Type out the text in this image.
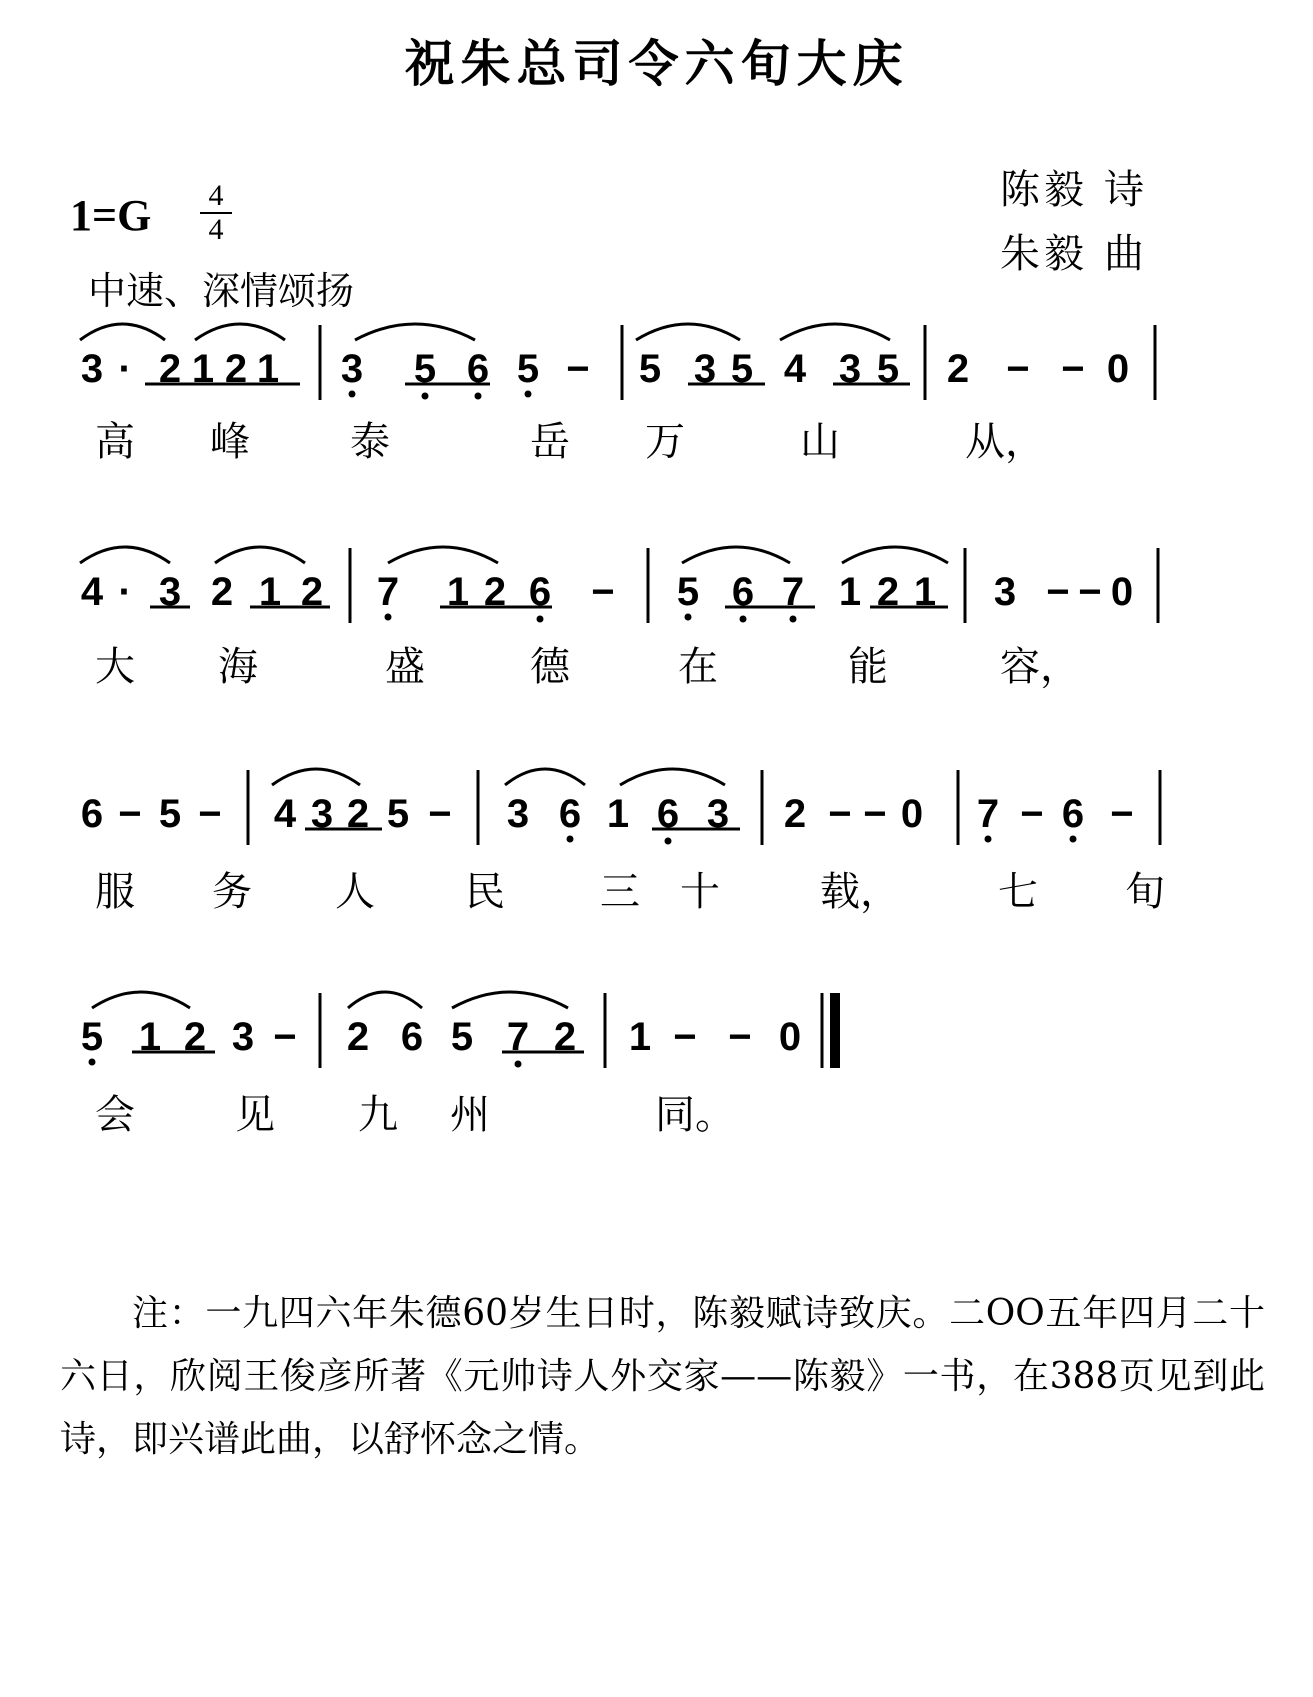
祝朱总司令六旬大庆
1=G 4
4
中速、深情颂扬
陈毅 诗
朱毅 曲
3 · 2 1 2 1 3 5 6 5 − 5 3 5 4 3 5 2 − − 0
高 峰	泰	岳 万	山	从，
4 · 3 2 1 2 7 1 2 6 − 5 6 7 1 2 1 3 − − 0
大 海	盛	德	在	能	容，
6 − 5 − 4 3 2 5 − 3 6 1 6 3 2 − − 0 7 − 6 −
服 务 人 民 三 十	载， 七 旬
5 1 2 3 − 2 6 5 7 2 1 − − 0
会	见 九 州	同。
注：一九四六年朱德60岁生日时，陈毅赋诗致庆。二OO五年四月二十六日，欣阅王俊彦所著《元帅诗人外交家——陈毅》一书，在388页见到此诗，即兴谱此曲，以舒怀念之情。
